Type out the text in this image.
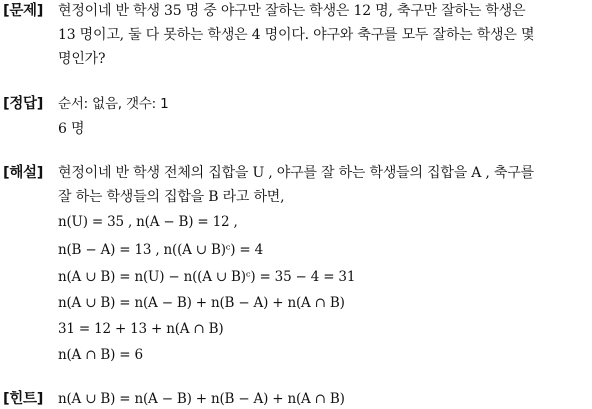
[문제] 현정이네 반 학생 35 명 중 야구만 잘하는 학생은 12 명, 축구만 잘하는 학생은
13 명이고, 둘 다 못하는 학생은 4 명이다. 야구와 축구를 모두 잘하는 학생은 몇
명인가?
[정답] 순서: 없음, 갯수: 1
6 명
[해설] 현정이네 반 학생 전체의 집합을 U , 야구를 잘 하는 학생들의 집합을 A , 축구를
잘 하는 학생들의 집합을 B 라고 하면,
n(U) = 35 , n(A − B) = 12 ,
n(B − A) = 13 , n((A ∪ B)ᶜ) = 4
n(A ∪ B) = n(U) − n((A ∪ B)ᶜ) = 35 − 4 = 31
n(A ∪ B) = n(A − B) + n(B − A) + n(A ∩ B)
31 = 12 + 13 + n(A ∩ B)
n(A ∩ B) = 6
[힌트] n(A ∪ B) = n(A − B) + n(B − A) + n(A ∩ B)
